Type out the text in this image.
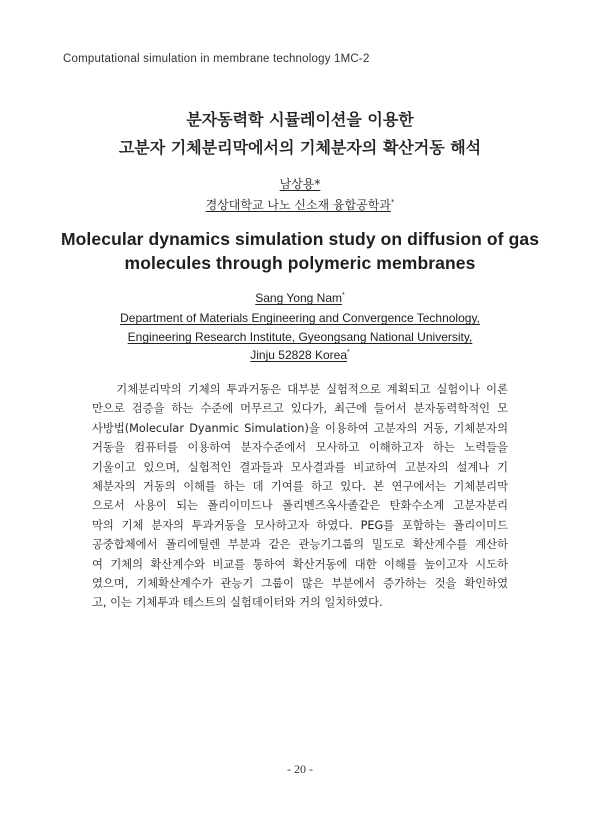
Computational simulation in membrane technology 1MC-2
분자동력학 시뮬레이션을 이용한
고분자 기체분리막에서의 기체분자의 확산거동 해석
남상용*
경상대학교 나노 신소재 융합공학과*
Molecular dynamics simulation study on diffusion of gas
molecules through polymeric membranes
Sang Yong Nam*
Department of Materials Engineering and Convergence Technology,
Engineering Research Institute, Gyeongsang National University,
Jinju 52828 Korea*
기체분리막의 기체의 투과거동은 대부분 실험적으로 계획되고 실험이나 이론
만으로 검증을 하는 수준에 머무르고 있다가, 최근에 들어서 분자동력학적인 모
사방법(Molecular Dyanmic Simulation)을 이용하여 고분자의 거동, 기체분자의
거동을 컴퓨터를 이용하여 분자수준에서 모사하고 이해하고자 하는 노력들을
기울이고 있으며, 실험적인 결과들과 모사결과를 비교하여 고분자의 설계나 기
체분자의 거동의 이해를 하는 데 기여를 하고 있다. 본 연구에서는 기체분리막
으로서 사용이 되는 폴리이미드나 폴리벤즈옥사졸같은 탄화수소계 고분자분리
막의 기체 분자의 투과거동을 모사하고자 하였다. PEG를 포함하는 폴리이미드
공중합체에서 폴리에틸렌 부분과 같은 관능기그룹의 밀도로 확산계수를 계산하
여 기체의 확산계수와 비교를 통하여 확산거동에 대한 이해를 높이고자 시도하
였으며, 기체확산계수가 관능기 그룹이 많은 부분에서 증가하는 것을 확인하였
고, 이는 기체투과 테스트의 실험데이터와 거의 일치하였다.
- 20 -
